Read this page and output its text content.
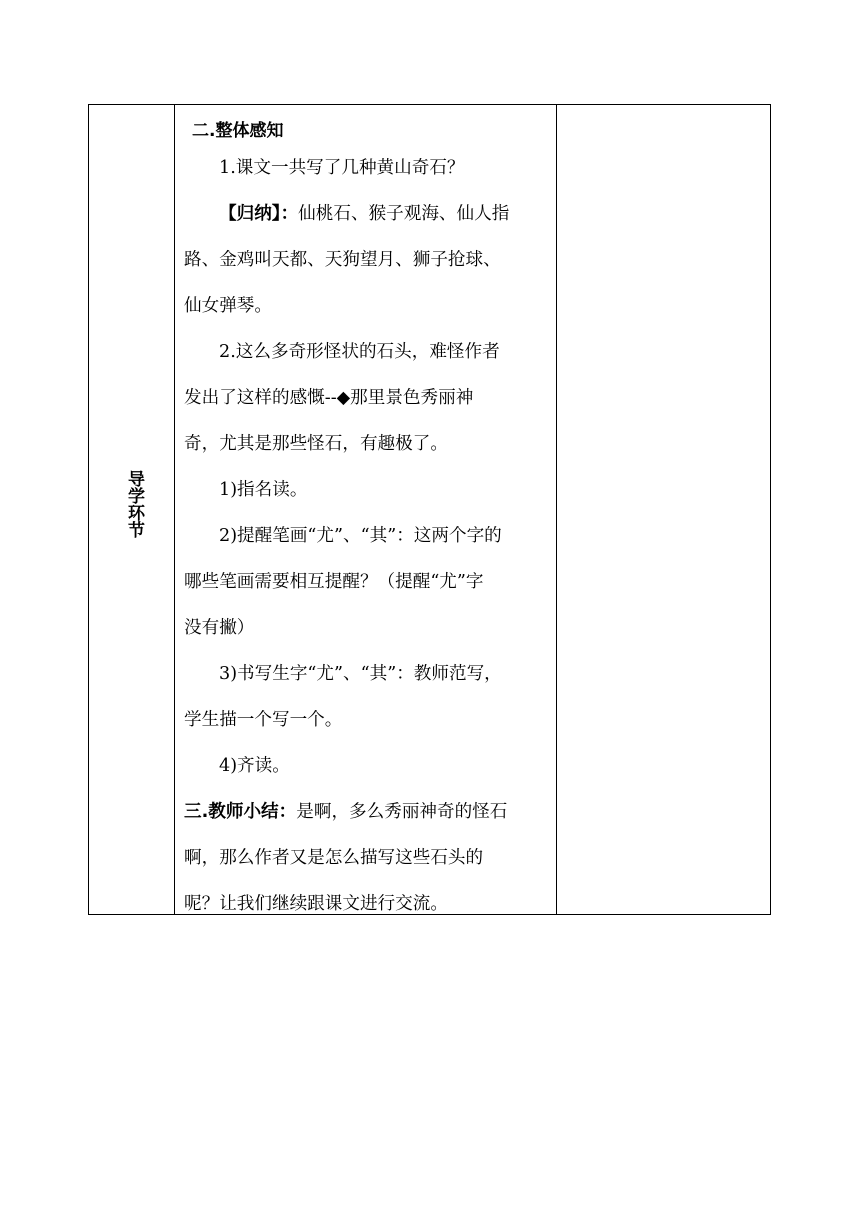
导学环节
二.整体感知
1.课文一共写了几种黄山奇石？
【归纳】：仙桃石、猴子观海、仙人指
路、金鸡叫天都、天狗望月、狮子抢球、
仙女弹琴。
2.这么多奇形怪状的石头，难怪作者
发出了这样的感慨--◆那里景色秀丽神
奇，尤其是那些怪石，有趣极了。
1)指名读。
2)提醒笔画“尤”、“其”：这两个字的
哪些笔画需要相互提醒？（提醒“尤”字
没有撇）
3)书写生字“尤”、“其”：教师范写，
学生描一个写一个。
4)齐读。
三.教师小结：是啊，多么秀丽神奇的怪石
啊，那么作者又是怎么描写这些石头的
呢？让我们继续跟课文进行交流。
